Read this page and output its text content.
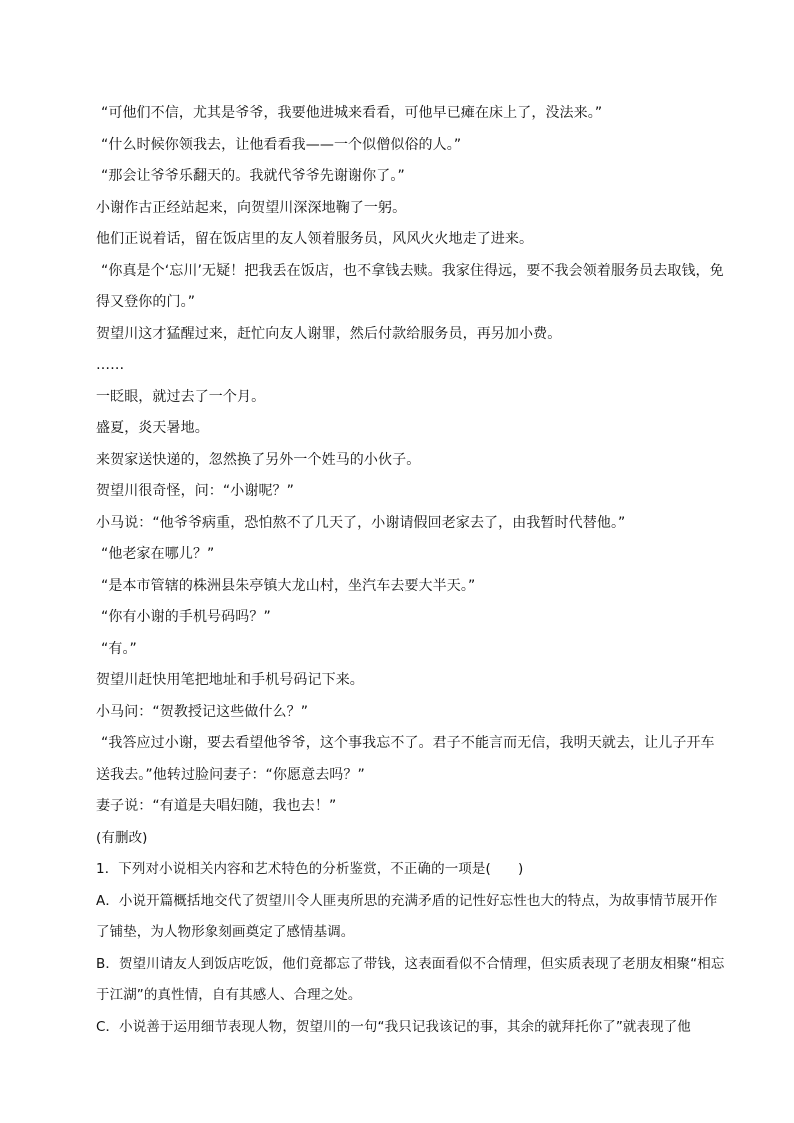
“可他们不信，尤其是爷爷，我要他进城来看看，可他早已瘫在床上了，没法来。”

“什么时候你领我去，让他看看我——一个似僧似俗的人。”

“那会让爷爷乐翻天的。我就代爷爷先谢谢你了。”

小谢作古正经站起来，向贺望川深深地鞠了一躬。

他们正说着话，留在饭店里的友人领着服务员，风风火火地走了进来。

“你真是个‘忘川’无疑！把我丢在饭店，也不拿钱去赎。我家住得远，要不我会领着服务员去取钱，免得又登你的门。”

贺望川这才猛醒过来，赶忙向友人谢罪，然后付款给服务员，再另加小费。

……

一眨眼，就过去了一个月。

盛夏，炎天暑地。

来贺家送快递的，忽然换了另外一个姓马的小伙子。

贺望川很奇怪，问：“小谢呢？”

小马说：“他爷爷病重，恐怕熬不了几天了，小谢请假回老家去了，由我暂时代替他。”

“他老家在哪儿？”

“是本市管辖的株洲县朱亭镇大龙山村，坐汽车去要大半天。”

“你有小谢的手机号码吗？”

“有。”

贺望川赶快用笔把地址和手机号码记下来。

小马问：“贺教授记这些做什么？”

“我答应过小谢，要去看望他爷爷，这个事我忘不了。君子不能言而无信，我明天就去，让儿子开车送我去。”他转过脸问妻子：“你愿意去吗？”

妻子说：“有道是夫唱妇随，我也去！”

(有删改)

1．下列对小说相关内容和艺术特色的分析鉴赏，不正确的一项是(　　)

A．小说开篇概括地交代了贺望川令人匪夷所思的充满矛盾的记性好忘性也大的特点，为故事情节展开作了铺垫，为人物形象刻画奠定了感情基调。

B．贺望川请友人到饭店吃饭，他们竟都忘了带钱，这表面看似不合情理，但实质表现了老朋友相聚“相忘于江湖”的真性情，自有其感人、合理之处。

C．小说善于运用细节表现人物，贺望川的一句“我只记我该记的事，其余的就拜托你了”就表现了他
